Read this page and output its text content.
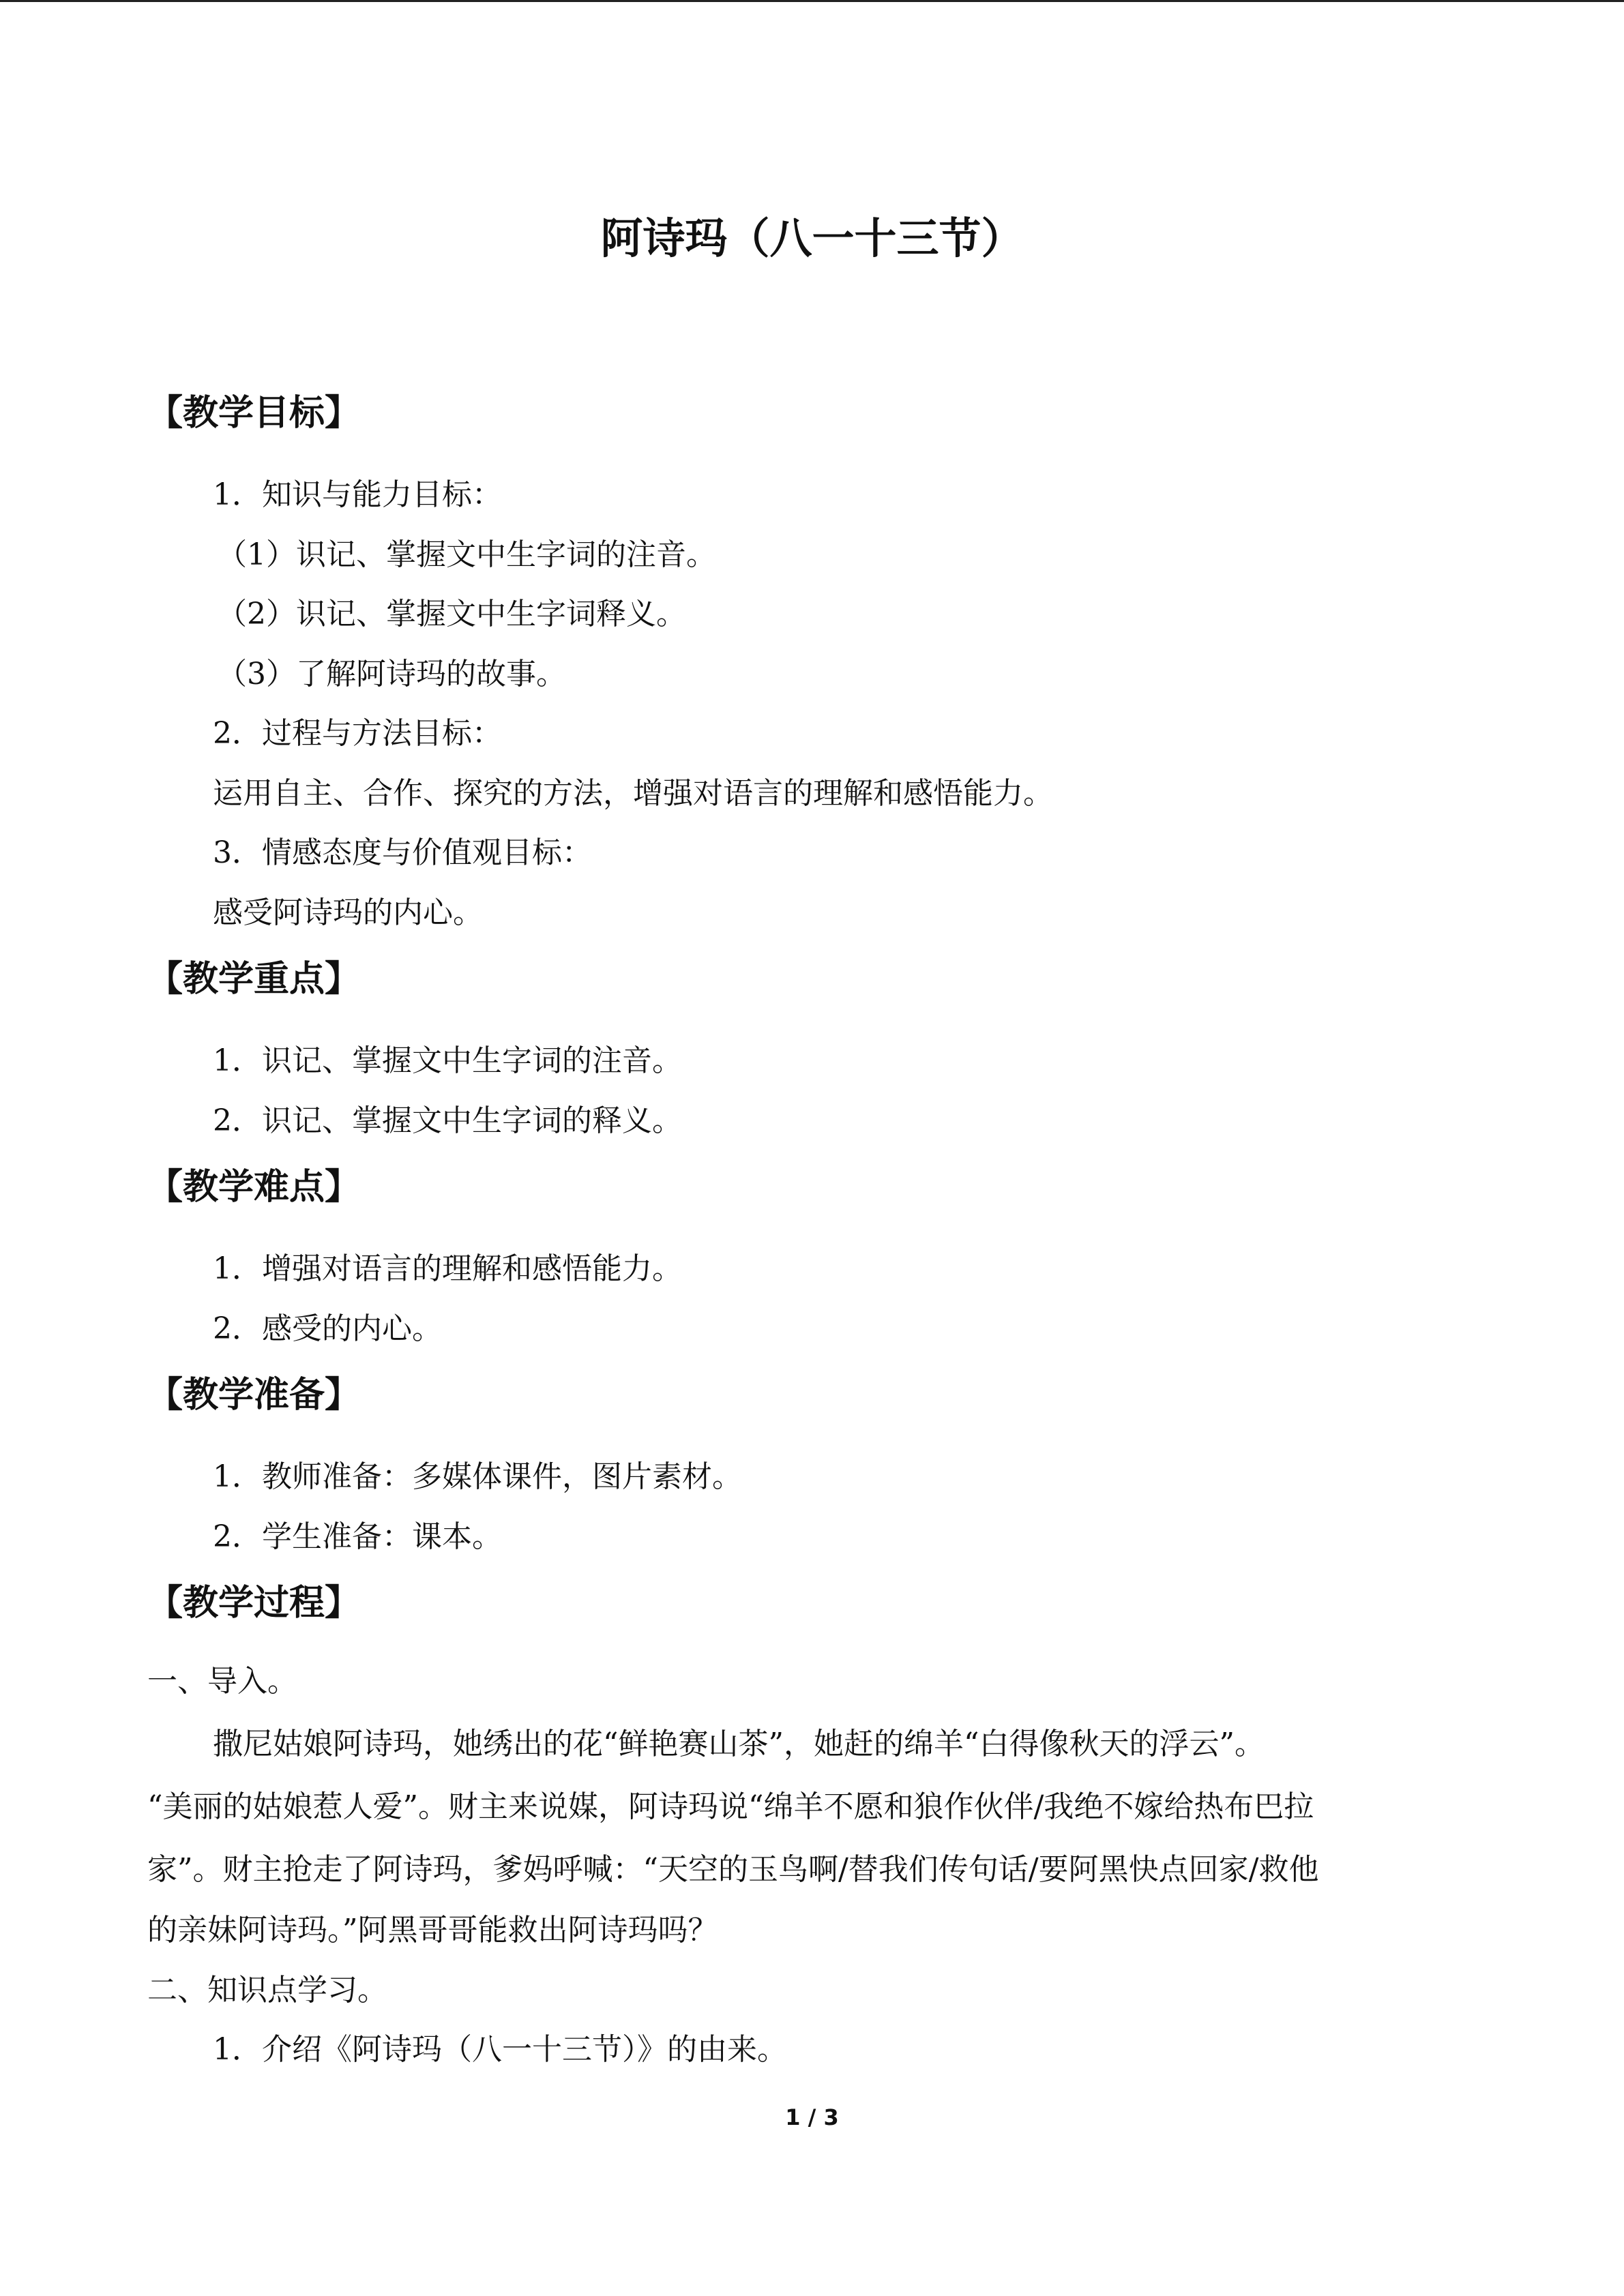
阿诗玛（八一十三节）
【教学目标】
1．知识与能力目标：
（1）识记、掌握文中生字词的注音。
（2）识记、掌握文中生字词释义。
（3）了解阿诗玛的故事。
2．过程与方法目标：
运用自主、合作、探究的方法，增强对语言的理解和感悟能力。
3．情感态度与价值观目标：
感受阿诗玛的内心。
【教学重点】
1．识记、掌握文中生字词的注音。
2．识记、掌握文中生字词的释义。
【教学难点】
1．增强对语言的理解和感悟能力。
2．感受的内心。
【教学准备】
1．教师准备：多媒体课件，图片素材。
2．学生准备：课本。
【教学过程】
一、导入。
撒尼姑娘阿诗玛，她绣出的花“鲜艳赛山茶”，她赶的绵羊“白得像秋天的浮云”。
“美丽的姑娘惹人爱”。财主来说媒，阿诗玛说“绵羊不愿和狼作伙伴/我绝不嫁给热布巴拉
家”。财主抢走了阿诗玛，爹妈呼喊：“天空的玉鸟啊/替我们传句话/要阿黑快点回家/救他
的亲妹阿诗玛。”阿黑哥哥能救出阿诗玛吗？
二、知识点学习。
1．介绍《阿诗玛（八一十三节）》的由来。
1 / 3
